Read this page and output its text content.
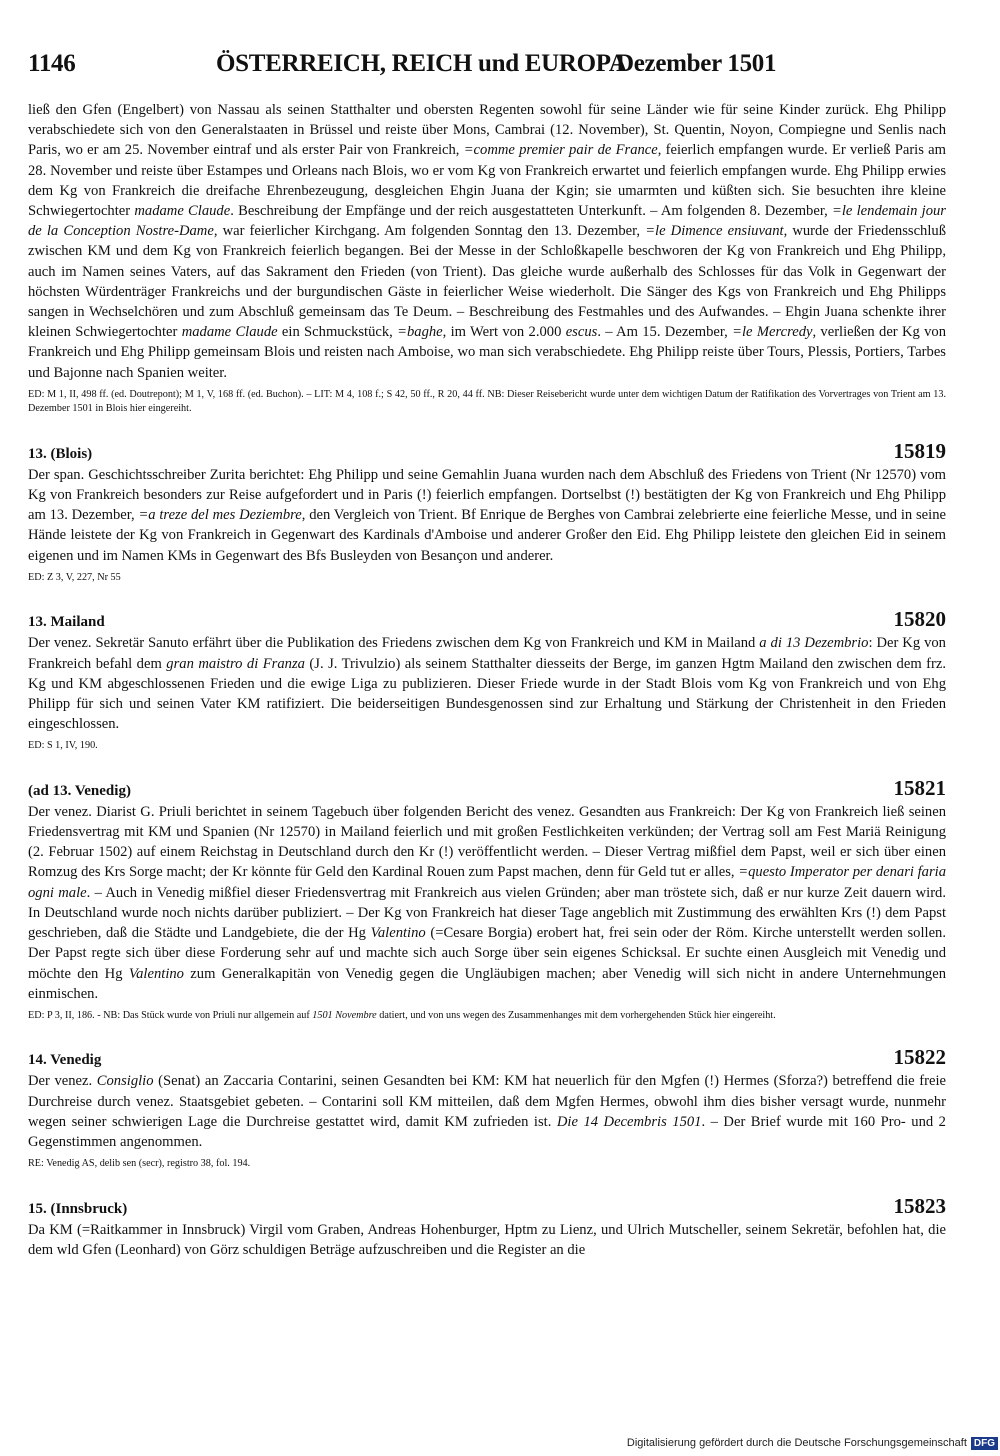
1146	ÖSTERREICH, REICH und EUROPA
Dezember 1501

ließ den Gfen (Engelbert) von Nassau als seinen Statthalter und obersten Regenten sowohl für seine Länder wie für seine Kinder zurück. Ehg Philipp verabschiedete sich von den Generalstaaten in Brüssel und reiste über Mons, Cambrai (12. November), St. Quentin, Noyon, Compiegne und Senlis nach Paris, wo er am 25. November eintraf und als erster Pair von Frankreich, =comme premier pair de France, feierlich empfangen wurde. Er verließ Paris am 28. November und reiste über Estampes und Orleans nach Blois, wo er vom Kg von Frankreich erwartet und feierlich empfangen wurde. Ehg Philipp erwies dem Kg von Frankreich die dreifache Ehrenbezeugung, desgleichen Ehgin Juana der Kgin; sie umarmten und küßten sich. Sie besuchten ihre kleine Schwiegertochter madame Claude. Beschreibung der Empfänge und der reich ausgestatteten Unterkunft. – Am folgenden 8. Dezember, =le lendemain jour de la Conception Nostre-Dame, war feierlicher Kirchgang. Am folgenden Sonntag den 13. Dezember, =le Dimence ensiuvant, wurde der Friedensschluß zwischen KM und dem Kg von Frankreich feierlich begangen. Bei der Messe in der Schloßkapelle beschworen der Kg von Frankreich und Ehg Philipp, auch im Namen seines Vaters, auf das Sakrament den Frieden (von Trient). Das gleiche wurde außerhalb des Schlosses für das Volk in Gegenwart der höchsten Würdenträger Frankreichs und der burgundischen Gäste in feierlicher Weise wiederholt. Die Sänger des Kgs von Frankreich und Ehg Philipps sangen in Wechselchören und zum Abschluß gemeinsam das Te Deum. – Beschreibung des Festmahles und des Aufwandes. – Ehgin Juana schenkte ihrer kleinen Schwiegertochter madame Claude ein Schmuckstück, =baghe, im Wert von 2.000 escus. – Am 15. Dezember, =le Mercredy, verließen der Kg von Frankreich und Ehg Philipp gemeinsam Blois und reisten nach Amboise, wo man sich verabschiedete. Ehg Philipp reiste über Tours, Plessis, Portiers, Tarbes und Bajonne nach Spanien weiter.

ED: M 1, II, 498 ff. (ed. Doutrepont); M 1, V, 168 ff. (ed. Buchon). – LIT: M 4, 108 f.; S 42, 50 ff., R 20, 44 ff. NB: Dieser Reisebericht wurde unter dem wichtigen Datum der Ratifikation des Vorvertrages von Trient am 13. Dezember 1501 in Blois hier eingereiht.

13. (Blois)	15819

Der span. Geschichtsschreiber Zurita berichtet: Ehg Philipp und seine Gemahlin Juana wurden nach dem Abschluß des Friedens von Trient (Nr 12570) vom Kg von Frankreich besonders zur Reise aufgefordert und in Paris (!) feierlich empfangen. Dortselbst (!) bestätigten der Kg von Frankreich und Ehg Philipp am 13. Dezember, =a treze del mes Deziembre, den Vergleich von Trient. Bf Enrique de Berghes von Cambrai zelebrierte eine feierliche Messe, und in seine Hände leistete der Kg von Frankreich in Gegenwart des Kardinals d'Amboise und anderer Großer den Eid. Ehg Philipp leistete den gleichen Eid in seinem eigenen und im Namen KMs in Gegenwart des Bfs Busleyden von Besançon und anderer.

ED: Z 3, V, 227, Nr 55

13. Mailand	15820

Der venez. Sekretär Sanuto erfährt über die Publikation des Friedens zwischen dem Kg von Frankreich und KM in Mailand a di 13 Dezembrio: Der Kg von Frankreich befahl dem gran maistro di Franza (J. J. Trivulzio) als seinem Statthalter diesseits der Berge, im ganzen Hgtm Mailand den zwischen dem frz. Kg und KM abgeschlossenen Frieden und die ewige Liga zu publizieren. Dieser Friede wurde in der Stadt Blois vom Kg von Frankreich und von Ehg Philipp für sich und seinen Vater KM ratifiziert. Die beiderseitigen Bundesgenossen sind zur Erhaltung und Stärkung der Christenheit in den Frieden eingeschlossen.

ED: S 1, IV, 190.

(ad 13. Venedig)	15821

Der venez. Diarist G. Priuli berichtet in seinem Tagebuch über folgenden Bericht des venez. Gesandten aus Frankreich: Der Kg von Frankreich ließ seinen Friedensvertrag mit KM und Spanien (Nr 12570) in Mailand feierlich und mit großen Festlichkeiten verkünden; der Vertrag soll am Fest Mariä Reinigung (2. Februar 1502) auf einem Reichstag in Deutschland durch den Kr (!) veröffentlicht werden. – Dieser Vertrag mißfiel dem Papst, weil er sich über einen Romzug des Krs Sorge macht; der Kr könnte für Geld den Kardinal Rouen zum Papst machen, denn für Geld tut er alles, =questo Imperator per denari faria ogni male. – Auch in Venedig mißfiel dieser Friedensvertrag mit Frankreich aus vielen Gründen; aber man tröstete sich, daß er nur kurze Zeit dauern wird. In Deutschland wurde noch nichts darüber publiziert. – Der Kg von Frankreich hat dieser Tage angeblich mit Zustimmung des erwählten Krs (!) dem Papst geschrieben, daß die Städte und Landgebiete, die der Hg Valentino (=Cesare Borgia) erobert hat, frei sein oder der Röm. Kirche unterstellt werden sollen. Der Papst regte sich über diese Forderung sehr auf und machte sich auch Sorge über sein eigenes Schicksal. Er suchte einen Ausgleich mit Venedig und möchte den Hg Valentino zum Generalkapitän von Venedig gegen die Ungläubigen machen; aber Venedig will sich nicht in andere Unternehmungen einmischen.

ED: P 3, II, 186. - NB: Das Stück wurde von Priuli nur allgemein auf 1501 Novembre datiert, und von uns wegen des Zusammenhanges mit dem vorhergehenden Stück hier eingereiht.

14. Venedig	15822

Der venez. Consiglio (Senat) an Zaccaria Contarini, seinen Gesandten bei KM: KM hat neuerlich für den Mgfen (!) Hermes (Sforza?) betreffend die freie Durchreise durch venez. Staatsgebiet gebeten. – Contarini soll KM mitteilen, daß dem Mgfen Hermes, obwohl ihm dies bisher versagt wurde, nunmehr wegen seiner schwierigen Lage die Durchreise gestattet wird, damit KM zufrieden ist. Die 14 Decembris 1501. – Der Brief wurde mit 160 Pro- und 2 Gegenstimmen angenommen.

RE: Venedig AS, delib sen (secr), registro 38, fol. 194.

15. (Innsbruck)	15823

Da KM (=Raitkammer in Innsbruck) Virgil vom Graben, Andreas Hohenburger, Hptm zu Lienz, und Ulrich Mutscheller, seinem Sekretär, befohlen hat, die dem wld Gfen (Leonhard) von Görz schuldigen Beträge aufzuschreiben und die Register an die

Digitalisierung gefördert durch die Deutsche Forschungsgemeinschaft DFG
